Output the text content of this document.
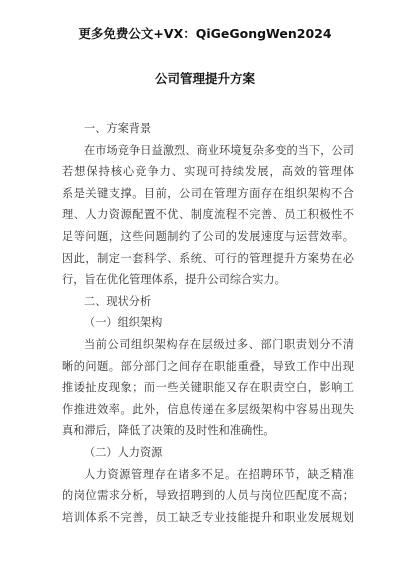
更多免费公文+VX：QiGeGongWen2024
公司管理提升方案
一、方案背景
在市场竞争日益激烈、商业环境复杂多变的当下，公司
若想保持核心竞争力、实现可持续发展，高效的管理体
系是关键支撑。目前，公司在管理方面存在组织架构不合
理、人力资源配置不优、制度流程不完善、员工积极性不
足等问题，这些问题制约了公司的发展速度与运营效率。
因此，制定一套科学、系统、可行的管理提升方案势在必
行，旨在优化管理体系，提升公司综合实力。
二、现状分析
（一）组织架构
当前公司组织架构存在层级过多、部门职责划分不清
晰的问题。部分部门之间存在职能重叠，导致工作中出现
推诿扯皮现象；而一些关键职能又存在职责空白，影响工
作推进效率。此外，信息传递在多层级架构中容易出现失
真和滞后，降低了决策的及时性和准确性。
（二）人力资源
人力资源管理存在诸多不足。在招聘环节，缺乏精准
的岗位需求分析，导致招聘到的人员与岗位匹配度不高；
培训体系不完善，员工缺乏专业技能提升和职业发展规划
